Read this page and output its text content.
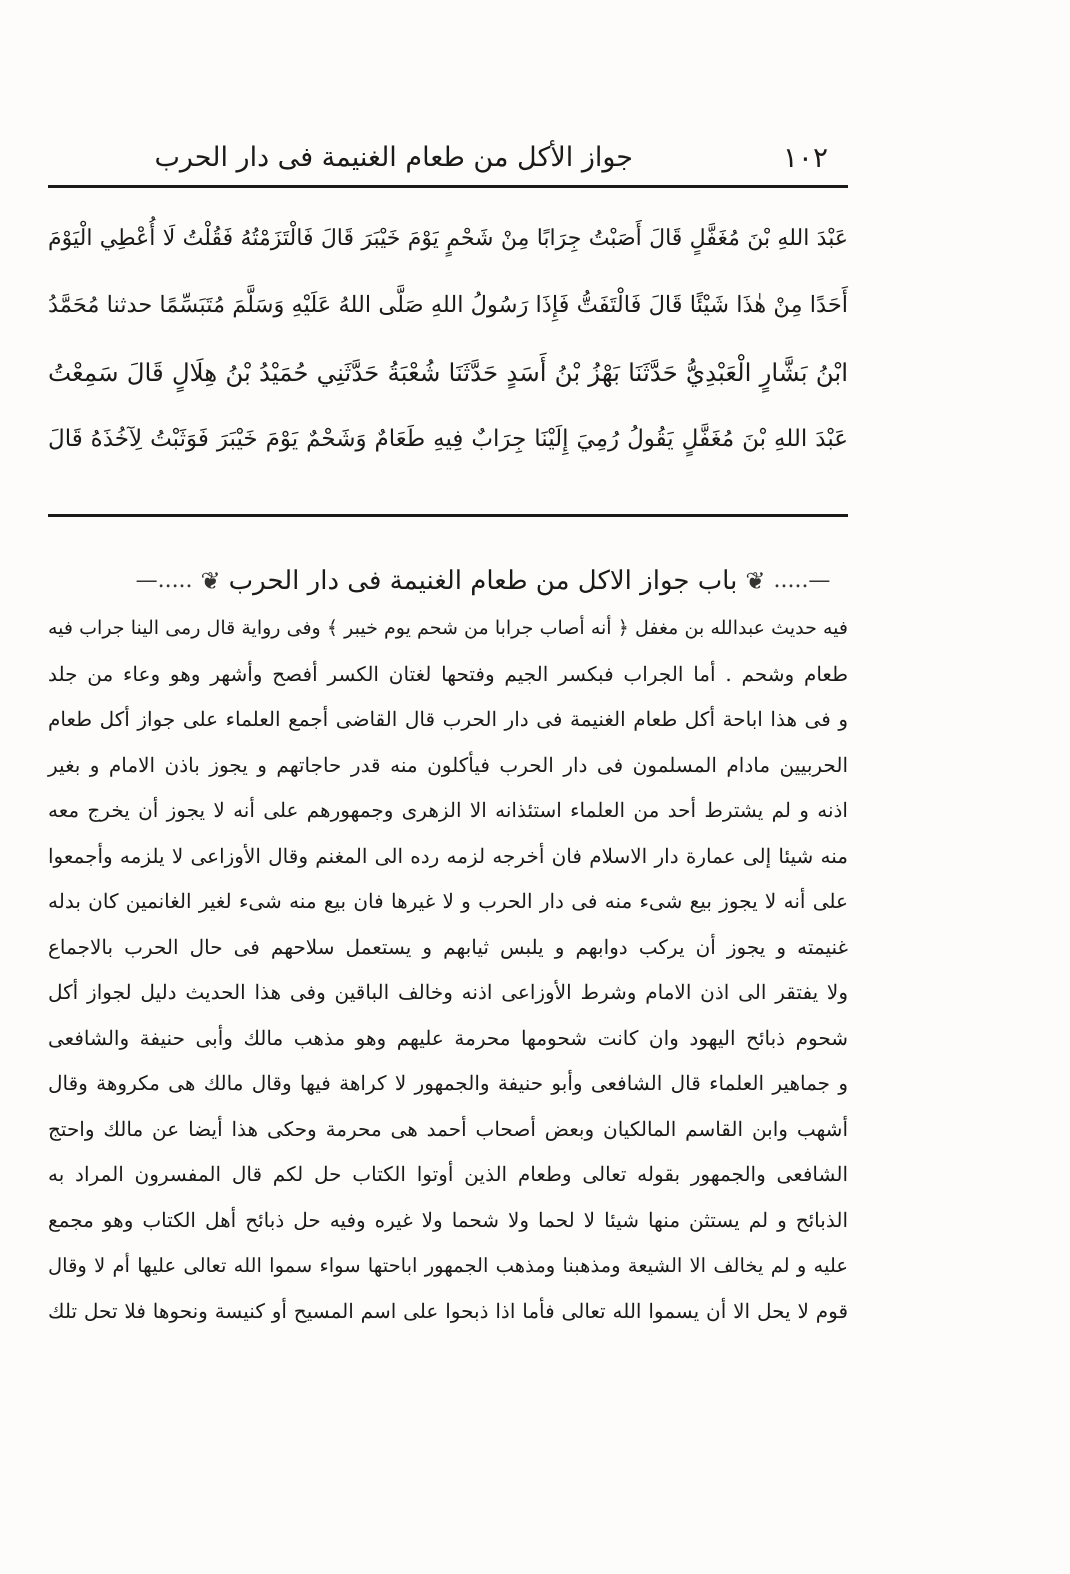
١٠٢
جواز الأكل من طعام الغنيمة فى دار الحرب
عَبْدَ اللهِ بْنَ مُغَفَّلٍ قَالَ أَصَبْتُ جِرَابًا مِنْ شَحْمٍ يَوْمَ خَيْبَرَ قَالَ فَالْتَزَمْتُهُ فَقُلْتُ لَا أُعْطِي الْيَوْمَ
أَحَدًا مِنْ هٰذَا شَيْئًا قَالَ فَالْتَفَتُّ فَإِذَا رَسُولُ اللهِ صَلَّى اللهُ عَلَيْهِ وَسَلَّمَ مُتَبَسِّمًا حدثنا مُحَمَّدُ
ابْنُ بَشَّارٍ الْعَبْدِيُّ حَدَّثَنَا بَهْزُ بْنُ أَسَدٍ حَدَّثَنَا شُعْبَةُ حَدَّثَنِي حُمَيْدُ بْنُ هِلَالٍ قَالَ سَمِعْتُ
عَبْدَ اللهِ بْنَ مُغَفَّلٍ يَقُولُ رُمِيَ إِلَيْنَا جِرَابٌ فِيهِ طَعَامٌ وَشَحْمٌ يَوْمَ خَيْبَرَ فَوَثَبْتُ لِآخُذَهُ قَالَ
—.....
❦
باب جواز الاكل من طعام الغنيمة فى دار الحرب
❦
.....—
فيه حديث عبدالله بن مغفل ﴿ أنه أصاب جرابا من شحم يوم خيبر ﴾ وفى رواية قال رمى الينا جراب فيه
طعام وشحم . أما الجراب فبكسر الجيم وفتحها لغتان الكسر أفصح وأشهر وهو وعاء من جلد
و فى هذا اباحة أكل طعام الغنيمة فى دار الحرب قال القاضى أجمع العلماء على جواز أكل طعام
الحربيين مادام المسلمون فى دار الحرب فيأكلون منه قدر حاجاتهم و يجوز باذن الامام و بغير
اذنه و لم يشترط أحد من العلماء استئذانه الا الزهرى وجمهورهم على أنه لا يجوز أن يخرج معه
منه شيئا إلى عمارة دار الاسلام فان أخرجه لزمه رده الى المغنم وقال الأوزاعى لا يلزمه وأجمعوا
على أنه لا يجوز بيع شىء منه فى دار الحرب و لا غيرها فان بيع منه شىء لغير الغانمين كان بدله
غنيمته و يجوز أن يركب دوابهم و يلبس ثيابهم و يستعمل سلاحهم فى حال الحرب بالاجماع
ولا يفتقر الى اذن الامام وشرط الأوزاعى اذنه وخالف الباقين وفى هذا الحديث دليل لجواز أكل
شحوم ذبائح اليهود وان كانت شحومها محرمة عليهم وهو مذهب مالك وأبى حنيفة والشافعى
و جماهير العلماء قال الشافعى وأبو حنيفة والجمهور لا كراهة فيها وقال مالك هى مكروهة وقال
أشهب وابن القاسم المالكيان وبعض أصحاب أحمد هى محرمة وحكى هذا أيضا عن مالك واحتج
الشافعى والجمهور بقوله تعالى وطعام الذين أوتوا الكتاب حل لكم قال المفسرون المراد به
الذبائح و لم يستثن منها شيئا لا لحما ولا شحما ولا غيره وفيه حل ذبائح أهل الكتاب وهو مجمع
عليه و لم يخالف الا الشيعة ومذهبنا ومذهب الجمهور اباحتها سواء سموا الله تعالى عليها أم لا وقال
قوم لا يحل الا أن يسموا الله تعالى فأما اذا ذبحوا على اسم المسيح أو كنيسة ونحوها فلا تحل تلك
